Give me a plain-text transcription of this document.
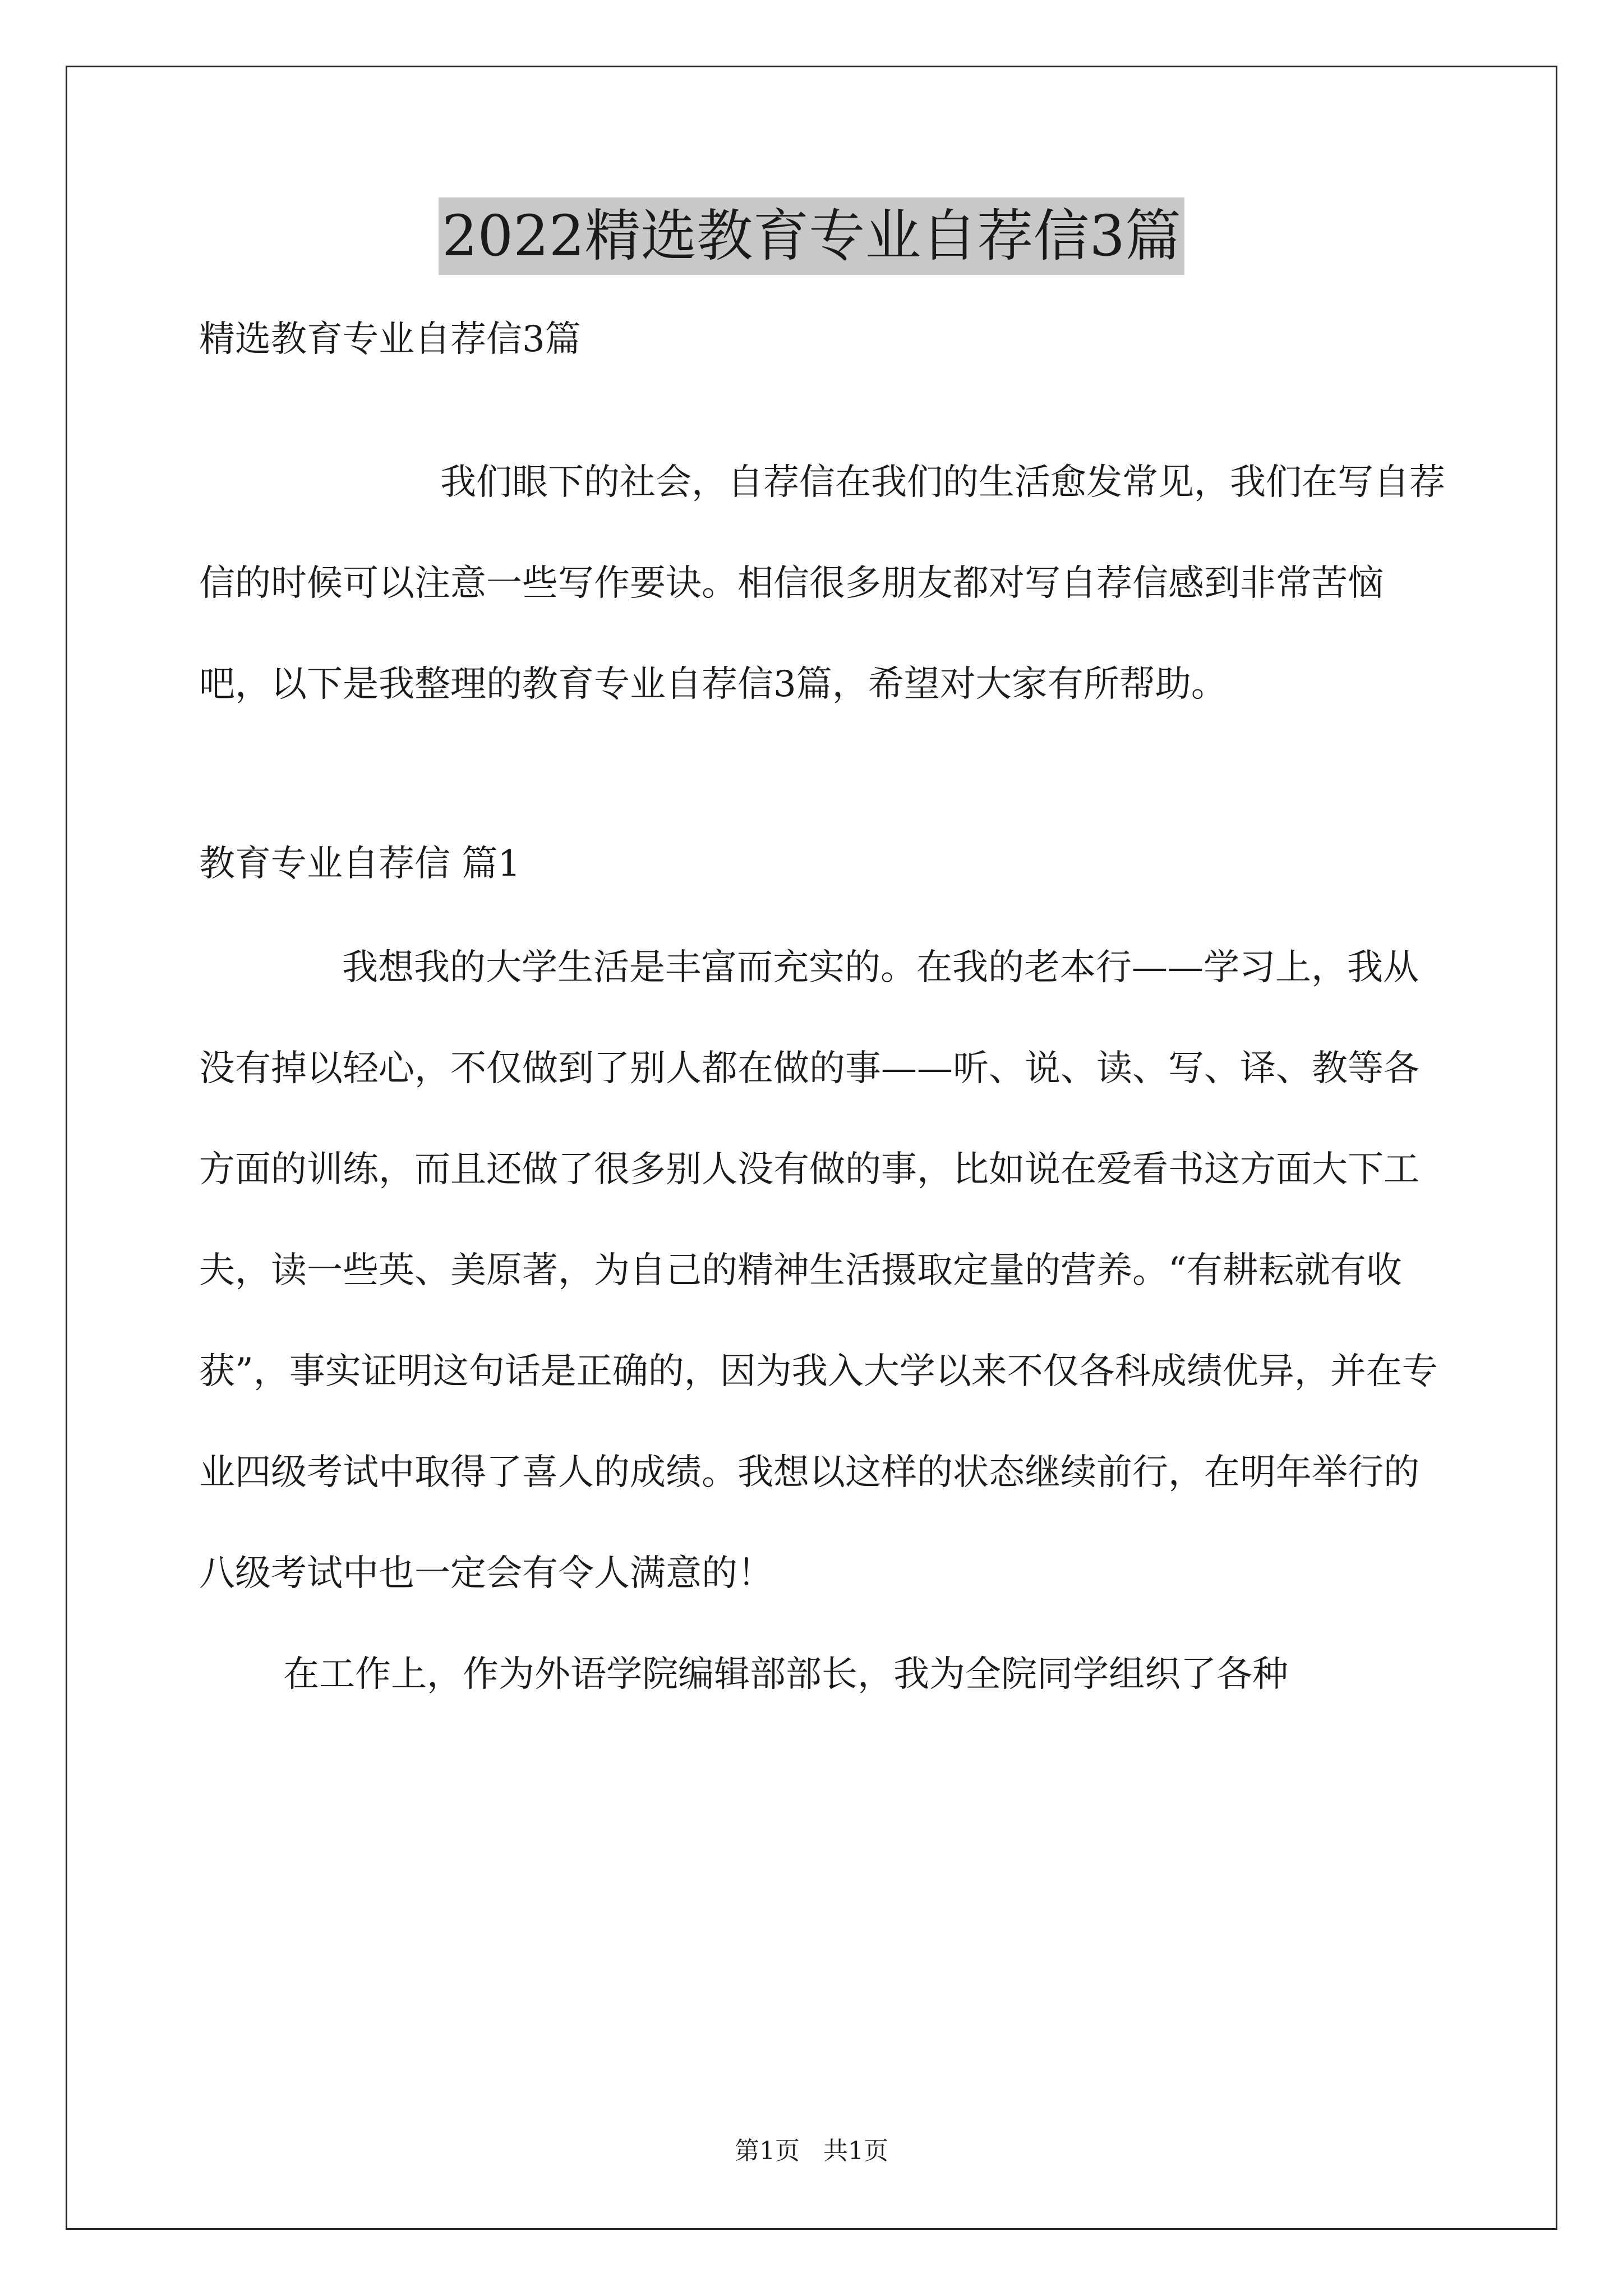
2022精选教育专业自荐信3篇

精选教育专业自荐信3篇

我们眼下的社会，自荐信在我们的生活愈发常见，我们在写自荐信的时候可以注意一些写作要诀。相信很多朋友都对写自荐信感到非常苦恼吧，以下是我整理的教育专业自荐信3篇，希望对大家有所帮助。

教育专业自荐信 篇1

我想我的大学生活是丰富而充实的。在我的老本行——学习上，我从没有掉以轻心，不仅做到了别人都在做的事——听、说、读、写、译、教等各方面的训练，而且还做了很多别人没有做的事，比如说在爱看书这方面大下工夫，读一些英、美原著，为自己的精神生活摄取定量的营养。“有耕耘就有收获”，事实证明这句话是正确的，因为我入大学以来不仅各科成绩优异，并在专业四级考试中取得了喜人的成绩。我想以这样的状态继续前行，在明年举行的八级考试中也一定会有令人满意的！

在工作上，作为外语学院编辑部部长，我为全院同学组织了各种

第1页   共1页
